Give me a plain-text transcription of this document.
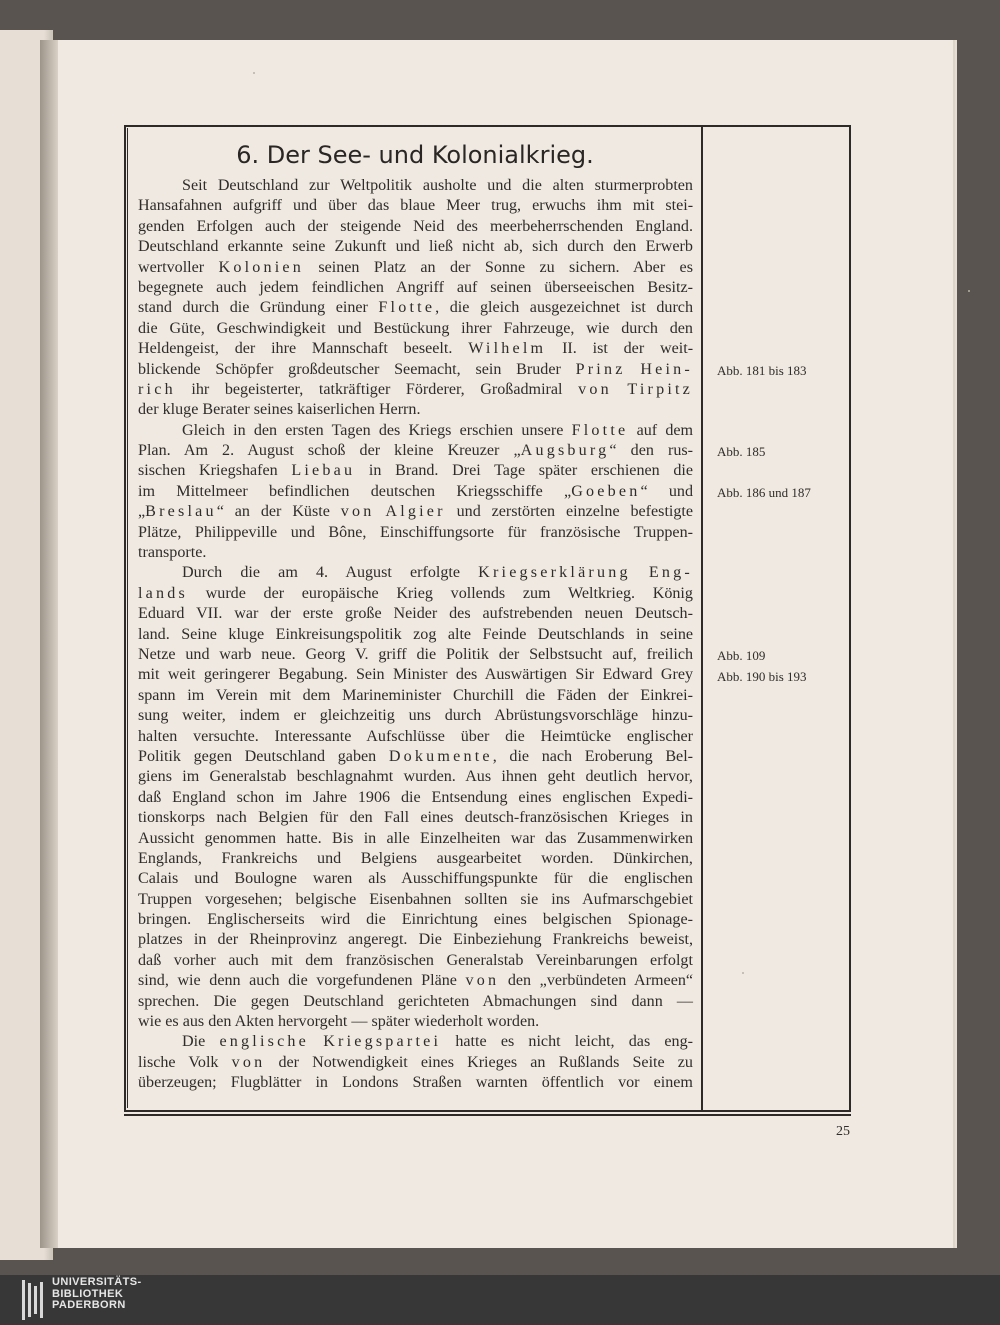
6. Der See- und Kolonialkrieg.
Seit Deutschland zur Weltpolitik ausholte und die alten sturmerprobten
Hansafahnen aufgriff und über das blaue Meer trug, erwuchs ihm mit stei-
genden Erfolgen auch der steigende Neid des meerbeherrschenden England.
Deutschland erkannte seine Zukunft und ließ nicht ab, sich durch den Erwerb
wertvoller Kolonien seinen Platz an der Sonne zu sichern. Aber es
begegnete auch jedem feindlichen Angriff auf seinen überseeischen Besitz-
stand durch die Gründung einer Flotte, die gleich ausgezeichnet ist durch
die Güte, Geschwindigkeit und Bestückung ihrer Fahrzeuge, wie durch den
Heldengeist, der ihre Mannschaft beseelt. Wilhelm II. ist der weit-
blickende Schöpfer großdeutscher Seemacht, sein Bruder Prinz Hein-
rich ihr begeisterter, tatkräftiger Förderer, Großadmiral von Tirpitz
der kluge Berater seines kaiserlichen Herrn.
Gleich in den ersten Tagen des Kriegs erschien unsere Flotte auf dem
Plan. Am 2. August schoß der kleine Kreuzer „Augsburg“ den rus-
sischen Kriegshafen Liebau in Brand. Drei Tage später erschienen die
im Mittelmeer befindlichen deutschen Kriegsschiffe „Goeben“ und
„Breslau“ an der Küste von Algier und zerstörten einzelne befestigte
Plätze, Philippeville und Bône, Einschiffungsorte für französische Truppen-
transporte.
Durch die am 4. August erfolgte Kriegserklärung Eng-
lands wurde der europäische Krieg vollends zum Weltkrieg. König
Eduard VII. war der erste große Neider des aufstrebenden neuen Deutsch-
land. Seine kluge Einkreisungspolitik zog alte Feinde Deutschlands in seine
Netze und warb neue. Georg V. griff die Politik der Selbstsucht auf, freilich
mit weit geringerer Begabung. Sein Minister des Auswärtigen Sir Edward Grey
spann im Verein mit dem Marineminister Churchill die Fäden der Einkrei-
sung weiter, indem er gleichzeitig uns durch Abrüstungsvorschläge hinzu-
halten versuchte. Interessante Aufschlüsse über die Heimtücke englischer
Politik gegen Deutschland gaben Dokumente, die nach Eroberung Bel-
giens im Generalstab beschlagnahmt wurden. Aus ihnen geht deutlich hervor,
daß England schon im Jahre 1906 die Entsendung eines englischen Expedi-
tionskorps nach Belgien für den Fall eines deutsch-französischen Krieges in
Aussicht genommen hatte. Bis in alle Einzelheiten war das Zusammenwirken
Englands, Frankreichs und Belgiens ausgearbeitet worden. Dünkirchen,
Calais und Boulogne waren als Ausschiffungspunkte für die englischen
Truppen vorgesehen; belgische Eisenbahnen sollten sie ins Aufmarschgebiet
bringen. Englischerseits wird die Einrichtung eines belgischen Spionage-
platzes in der Rheinprovinz angeregt. Die Einbeziehung Frankreichs beweist,
daß vorher auch mit dem französischen Generalstab Vereinbarungen erfolgt
sind, wie denn auch die vorgefundenen Pläne von den „verbündeten Armeen“
sprechen. Die gegen Deutschland gerichteten Abmachungen sind dann —
wie es aus den Akten hervorgeht — später wiederholt worden.
Die englische Kriegspartei hatte es nicht leicht, das eng-
lische Volk von der Notwendigkeit eines Krieges an Rußlands Seite zu
überzeugen; Flugblätter in Londons Straßen warnten öffentlich vor einem
Abb. 181 bis 183
Abb. 185
Abb. 186 und 187
Abb. 109
Abb. 190 bis 193
25
UNIVERSITÄTS-
BIBLIOTHEK
PADERBORN
